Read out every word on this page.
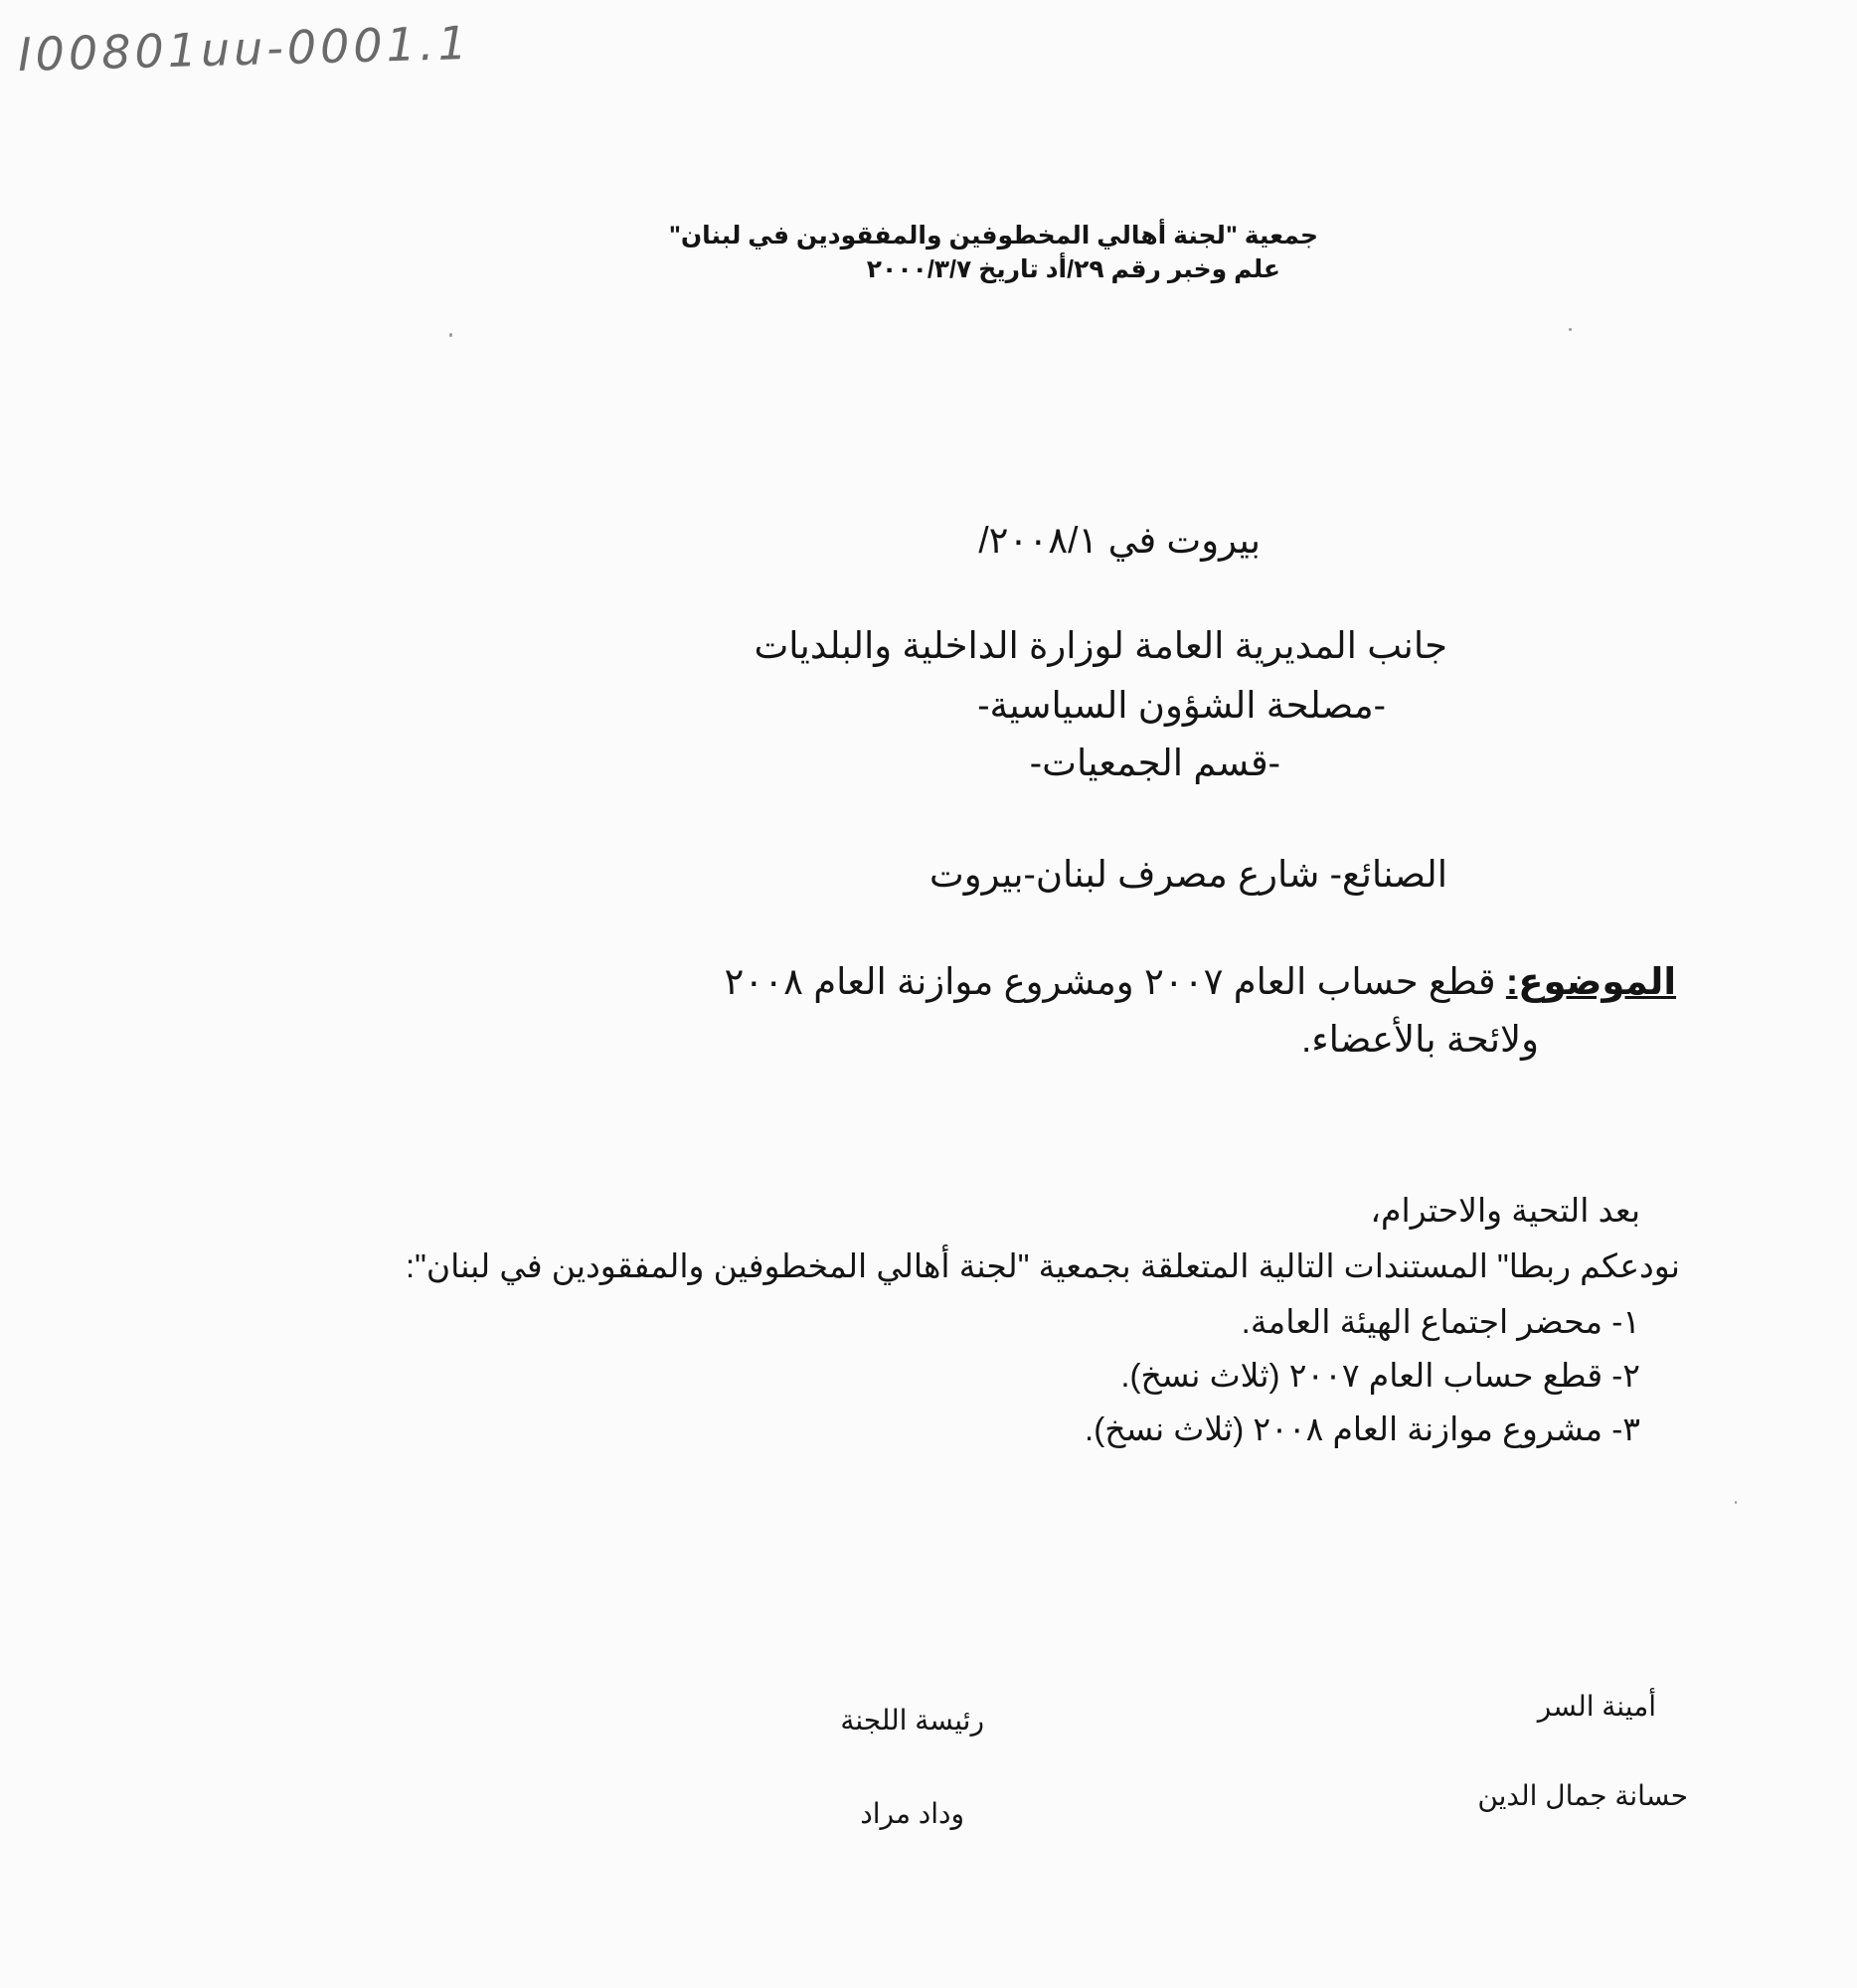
I00801uu-0001.1
جمعية "لجنة أهالي المخطوفين والمفقودين في لبنان"
علم وخبر رقم ٢٩/أد تاريخ ٢٠٠٠/٣/٧
بيروت في ٢٠٠٨/١/
جانب المديرية العامة لوزارة الداخلية والبلديات
-مصلحة الشؤون السياسية-
-قسم الجمعيات-
الصنائع- شارع مصرف لبنان-بيروت
الموضوع: قطع حساب العام ٢٠٠٧ ومشروع موازنة العام ٢٠٠٨
ولائحة بالأعضاء.
بعد التحية والاحترام،
نودعكم ربطا" المستندات التالية المتعلقة بجمعية "لجنة أهالي المخطوفين والمفقودين في لبنان":
١- محضر اجتماع الهيئة العامة.
٢- قطع حساب العام ٢٠٠٧ (ثلاث نسخ).
٣- مشروع موازنة العام ٢٠٠٨ (ثلاث نسخ).
أمينة السر
حسانة جمال الدين
رئيسة اللجنة
وداد مراد
